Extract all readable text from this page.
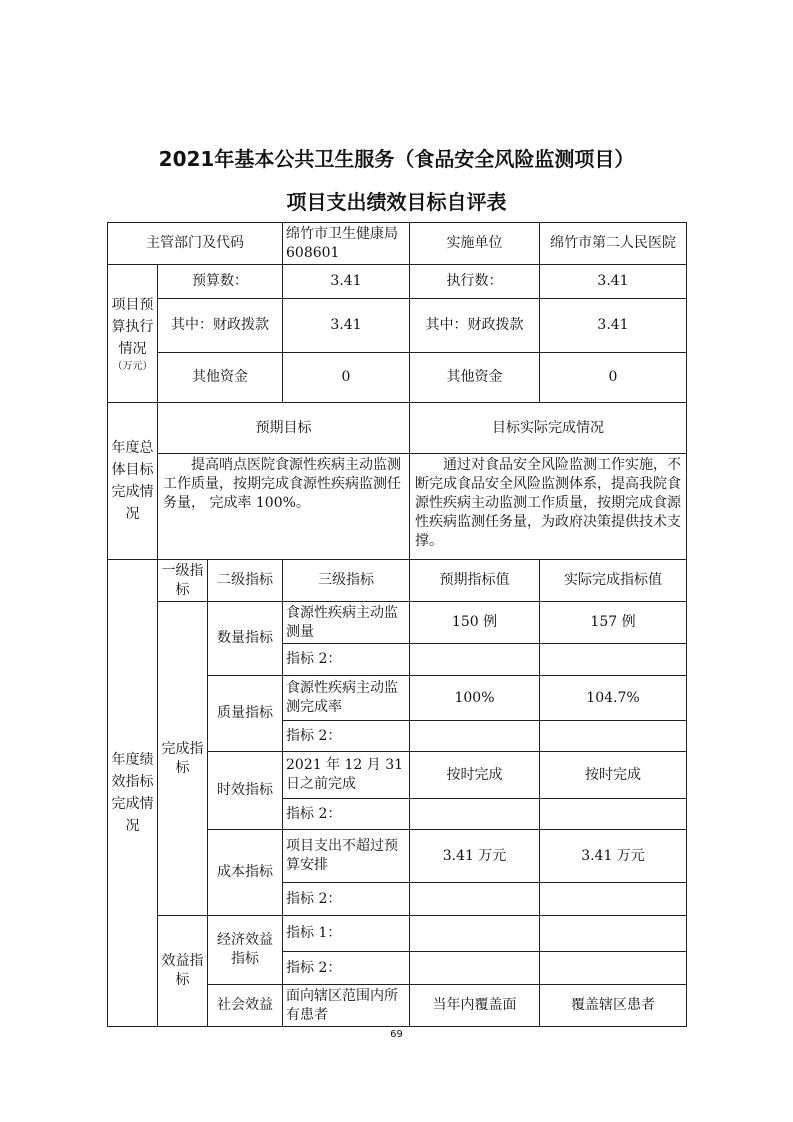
2021年基本公共卫生服务（食品安全风险监测项目）
项目支出绩效目标自评表
主管部门及代码			绵竹市卫生健康局 608601	实施单位	绵竹市第二人民医院
项目预算执行情况
（万元）	预算数：		3.41	执行数：	3.41
	其中：财政拨款		3.41	其中：财政拨款	3.41
	其他资金		0	其他资金	0
年度总体目标完成情况	预期目标			目标实际完成情况	
	提高哨点医院食源性疾病主动监测工作质量，按期完成食源性疾病监测任务量， 完成率 100%。			通过对食品安全风险监测工作实施，不断完成食品安全风险监测体系，提高我院食源性疾病主动监测工作质量，按期完成食源性疾病监测任务量，为政府决策提供技术支撑。	
年度绩效指标完成情况	一级指标	二级指标	三级指标	预期指标值	实际完成指标值
	完成指标	数量指标	食源性疾病主动监测量	150 例	157 例
			指标 2：		
		质量指标	食源性疾病主动监测完成率	100%	104.7%
			指标 2：		
		时效指标	2021 年 12 月 31 日之前完成	按时完成	按时完成
			指标 2：		
		成本指标	项目支出不超过预算安排	3.41 万元	3.41 万元
			指标 2：		
	效益指标	经济效益指标	指标 1：		
			指标 2：		
		社会效益	面向辖区范围内所有患者	当年内覆盖面	覆盖辖区患者
69
